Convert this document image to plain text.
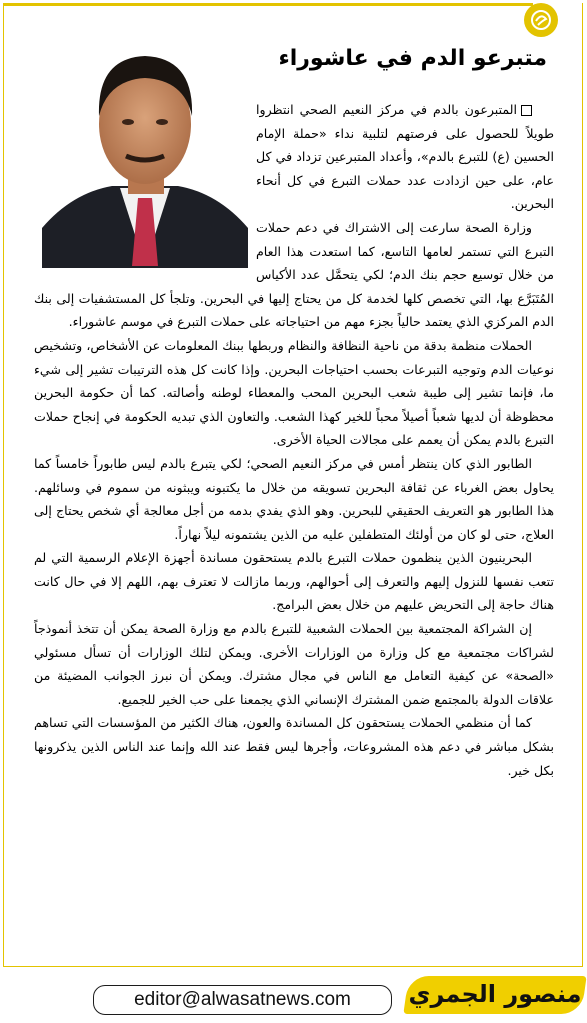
متبرعو الدم في عاشوراء

المتبرعون بالدم في مركز النعيم الصحي انتظروا طويلاً للحصول على فرصتهم لتلبية نداء «حملة الإمام الحسين (ع) للتبرع بالدم»، وأعداد المتبرعين تزداد في كل عام، على حين ازدادت عدد حملات التبرع في كل أنحاء البحرين.

وزارة الصحة سارعت إلى الاشتراك في دعم حملات التبرع التي تستمر لعامها التاسع، كما استعدت هذا العام من خلال توسيع حجم بنك الدم؛ لكي يتحمَّل عدد الأكياس المُتَبَرَّع بها، التي تخصص كلها لخدمة كل من يحتاج إليها في البحرين. وتلجأ كل المستشفيات إلى بنك الدم المركزي الذي يعتمد حالياً بجزء مهم من احتياجاته على حملات التبرع في موسم عاشوراء.

الحملات منظمة بدقة من ناحية النظافة والنظام وربطها ببنك المعلومات عن الأشخاص، وتشخيص نوعيات الدم وتوجيه التبرعات بحسب احتياجات البحرين. وإذا كانت كل هذه الترتيبات تشير إلى شيء ما، فإنما تشير إلى طيبة شعب البحرين المحب والمعطاء لوطنه وأصالته. كما أن حكومة البحرين محظوظة أن لديها شعباً أصيلاً محباً للخير كهذا الشعب. والتعاون الذي تبديه الحكومة في إنجاح حملات التبرع بالدم يمكن أن يعمم على مجالات الحياة الأخرى.

الطابور الذي كان ينتظر أمس في مركز النعيم الصحي؛ لكي يتبرع بالدم ليس طابوراً خامساً كما يحاول بعض الغرباء عن ثقافة البحرين تسويقه من خلال ما يكتبونه ويبثونه من سموم في وسائلهم. هذا الطابور هو التعريف الحقيقي للبحرين. وهو الذي يفدي بدمه من أجل معالجة أي شخص يحتاج إلى العلاج، حتى لو كان من أولئك المتطفلين عليه من الذين يشتمونه ليلاً نهاراً.

البحرينيون الذين ينظمون حملات التبرع بالدم يستحقون مساندة أجهزة الإعلام الرسمية التي لم تتعب نفسها للنزول إليهم والتعرف إلى أحوالهم، وربما مازالت لا تعترف بهم، اللهم إلا في حال كانت هناك حاجة إلى التحريض عليهم من خلال بعض البرامج.

إن الشراكة المجتمعية بين الحملات الشعبية للتبرع بالدم مع وزارة الصحة يمكن أن تتخذ أنموذجاً لشراكات مجتمعية مع كل وزارة من الوزارات الأخرى. ويمكن لتلك الوزارات أن تسأل مسئولي «الصحة» عن كيفية التعامل مع الناس في مجال مشترك. ويمكن أن نبرز الجوانب المضيئة من علاقات الدولة بالمجتمع ضمن المشترك الإنساني الذي يجمعنا على حب الخير للجميع.

كما أن منظمي الحملات يستحقون كل المساندة والعون، هناك الكثير من المؤسسات التي تساهم بشكل مباشر في دعم هذه المشروعات، وأجرها ليس فقط عند الله وإنما عند الناس الذين يذكرونها بكل خير.

editor@alwasatnews.com	منصور الجمري
